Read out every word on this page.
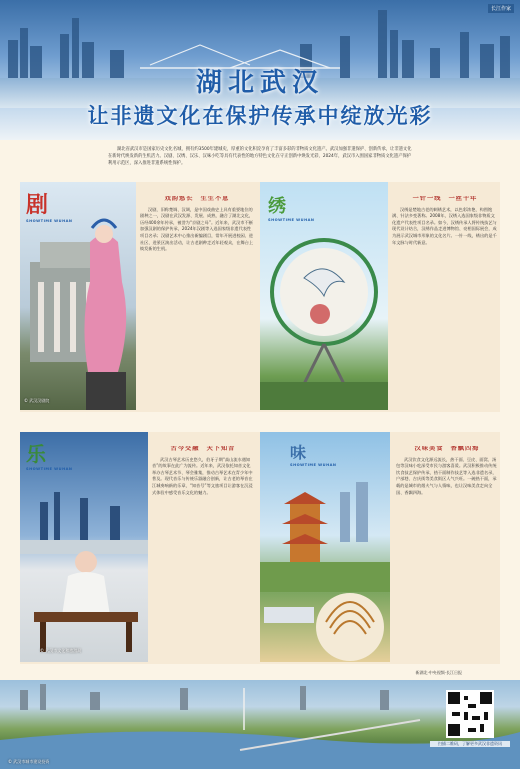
长江作家
湖北武汉
让非遗文化在保护传承中绽放光彩

湖北省武汉市是国家历史文化名城，拥有约3500年建城史，厚重的文化积淀孕育了丰富多彩的非物质文化遗产。武汉加强非遗保护、创新传承，让非遗文化在新时代焕发新的生机活力。汉剧、汉绣、汉乐、汉味小吃等具有代表性的地方特色文化在守正创新中焕发光彩，2024年，武汉市入围国家非物质文化遗产保护利用示范区，深入推进非遗系统性保护。

剧
SHOWTIME WUHAN
© 武汉汉剧院
戏韵悠长　生生不息

汉剧，旧称楚调、汉调，是中国戏曲史上具有重要地位的剧种之一，汉剧在武汉发源、发展、成熟，融合了湖北文化，历经400余年传承，被誉为“京剧之母”。近年来，武汉市不断加强汉剧的保护传承，2024年汉剧等入选国家级非遗代表性项目名录；汉剧艺术中心推出新编剧目，常年开展进校园、进社区、进景区演出活动，让古老剧种走近年轻观众，在舞台上焕发新的生机。

绣
SHOWTIME WUHAN
一针一线　一丝千年

汉绣是楚地古老的刺绣艺术，以色彩浓艳、构图饱满、针法多变著称。2008年，汉绣入选国家级非物质文化遗产代表性项目名录。如今，汉绣传承人将传统技艺与现代设计结合，汉绣作品走进博物馆、亮相国际展会，成为展示武汉城市形象的文化名片。一针一线，绣出的是千年文脉与时代新意。

乐
SHOWTIME WUHAN
© 武汉市文化和旅游局
古今交融　天下知音

武汉古琴艺术历史悠久，伯牙子期“高山流水遇知音”的故事在此广为流传。近年来，武汉依托知音文化举办古琴艺术节、琴会雅集，推动古琴艺术在青少年中普及。现代音乐与传统乐器融合创新，让古老的琴音在江城奏响新的乐章，“知音号”等文旅项目让游客在沉浸式体验中感受音乐文化的魅力。

味
SHOWTIME WUHAN
汉味美食　香飘四海

武汉饮食文化源远流长，热干面、豆皮、面窝、汤包等汉味小吃深受市民与游客喜爱。武汉积极推动传统饮食技艺保护传承，热干面制作技艺等入选非遗名录，户部巷、吉庆街等美食街区人气兴旺。一碗热干面，承载的是城市的烟火气与人情味，也让汉味美食走向全国、香飘四海。

新湖北·中央视频·长江日报
扫描二维码，了解更多武汉非遗资讯
© 武汉市城市建设投资
